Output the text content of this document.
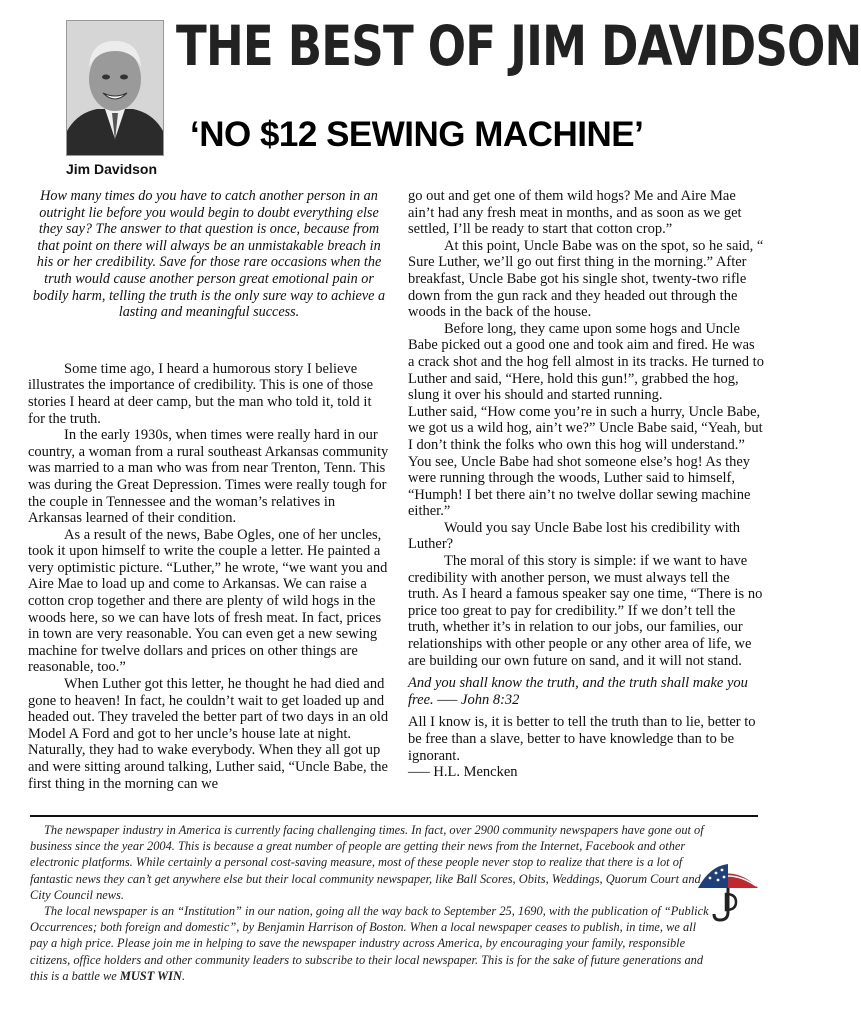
Jim Davidson
THE BEST OF JIM DAVIDSON
‘NO $12 SEWING MACHINE’

How many times do you have to catch another person in an outright lie before you would begin to doubt everything else they say? The answer to that question is once, because from that point on there will always be an unmistakable breach in his or her credibility. Save for those rare occasions when the truth would cause another person great emotional pain or bodily harm, telling the truth is the only sure way to achieve a lasting and meaningful success.

Some time ago, I heard a humorous story I believe illustrates the importance of credibility. This is one of those stories I heard at deer camp, but the man who told it, told it for the truth.

In the early 1930s, when times were really hard in our country, a woman from a rural southeast Arkansas community was married to a man who was from near Trenton, Tenn. This was during the Great Depression. Times were really tough for the couple in Tennessee and the woman’s relatives in Arkansas learned of their condition.

As a result of the news, Babe Ogles, one of her uncles, took it upon himself to write the couple a letter. He painted a very optimistic picture. “Luther,” he wrote, “we want you and Aire Mae to load up and come to Arkansas. We can raise a cotton crop together and there are plenty of wild hogs in the woods here, so we can have lots of fresh meat. In fact, prices in town are very reasonable. You can even get a new sewing machine for twelve dollars and prices on other things are reasonable, too.”

When Luther got this letter, he thought he had died and gone to heaven! In fact, he couldn’t wait to get loaded up and headed out. They traveled the better part of two days in an old Model A Ford and got to her uncle’s house late at night. Naturally, they had to wake everybody. When they all got up and were sitting around talking, Luther said, “Uncle Babe, the first thing in the morning can we

go out and get one of them wild hogs? Me and Aire Mae ain’t had any fresh meat in months, and as soon as we get settled, I’ll be ready to start that cotton crop.”

At this point, Uncle Babe was on the spot, so he said, “ Sure Luther, we’ll go out first thing in the morning.” After breakfast, Uncle Babe got his single shot, twenty-two rifle down from the gun rack and they headed out through the woods in the back of the house.

Before long, they came upon some hogs and Uncle Babe picked out a good one and took aim and fired. He was a crack shot and the hog fell almost in its tracks. He turned to Luther and said, “Here, hold this gun!”, grabbed the hog, slung it over his should and started running.

Luther said, “How come you’re in such a hurry, Uncle Babe, we got us a wild hog, ain’t we?” Uncle Babe said, “Yeah, but I don’t think the folks who own this hog will understand.” You see, Uncle Babe had shot someone else’s hog! As they were running through the woods, Luther said to himself, “Humph! I bet there ain’t no twelve dollar sewing machine either.”

Would you say Uncle Babe lost his credibility with Luther?

The moral of this story is simple: if we want to have credibility with another person, we must always tell the truth. As I heard a famous speaker say one time, “There is no price too great to pay for credibility.” If we don’t tell the truth, whether it’s in relation to our jobs, our families, our relationships with other people or any other area of life, we are building our own future on sand, and it will not stand.

And you shall know the truth, and the truth shall make you free. —– John 8:32

All I know is, it is better to tell the truth than to lie, better to be free than a slave, better to have knowledge than to be ignorant.

—– H.L. Mencken

The newspaper industry in America is currently facing challenging times. In fact, over 2900 community newspapers have gone out of business since the year 2004. This is because a great number of people are getting their news from the Internet, Facebook and other electronic platforms. While certainly a personal cost-saving measure, most of these people never stop to realize that there is a lot of fantastic news they can’t get anywhere else but their local community newspaper, like Ball Scores, Obits, Weddings, Quorum Court and City Council news.

The local newspaper is an “Institution” in our nation, going all the way back to September 25, 1690, with the publication of “Publick Occurrences; both foreign and domestic”, by Benjamin Harrison of Boston. When a local newspaper ceases to publish, in time, we all pay a high price. Please join me in helping to save the newspaper industry across America, by encouraging your family, responsible citizens, office holders and other community leaders to subscribe to their local newspaper. This is for the sake of future generations and this is a battle we MUST WIN.
